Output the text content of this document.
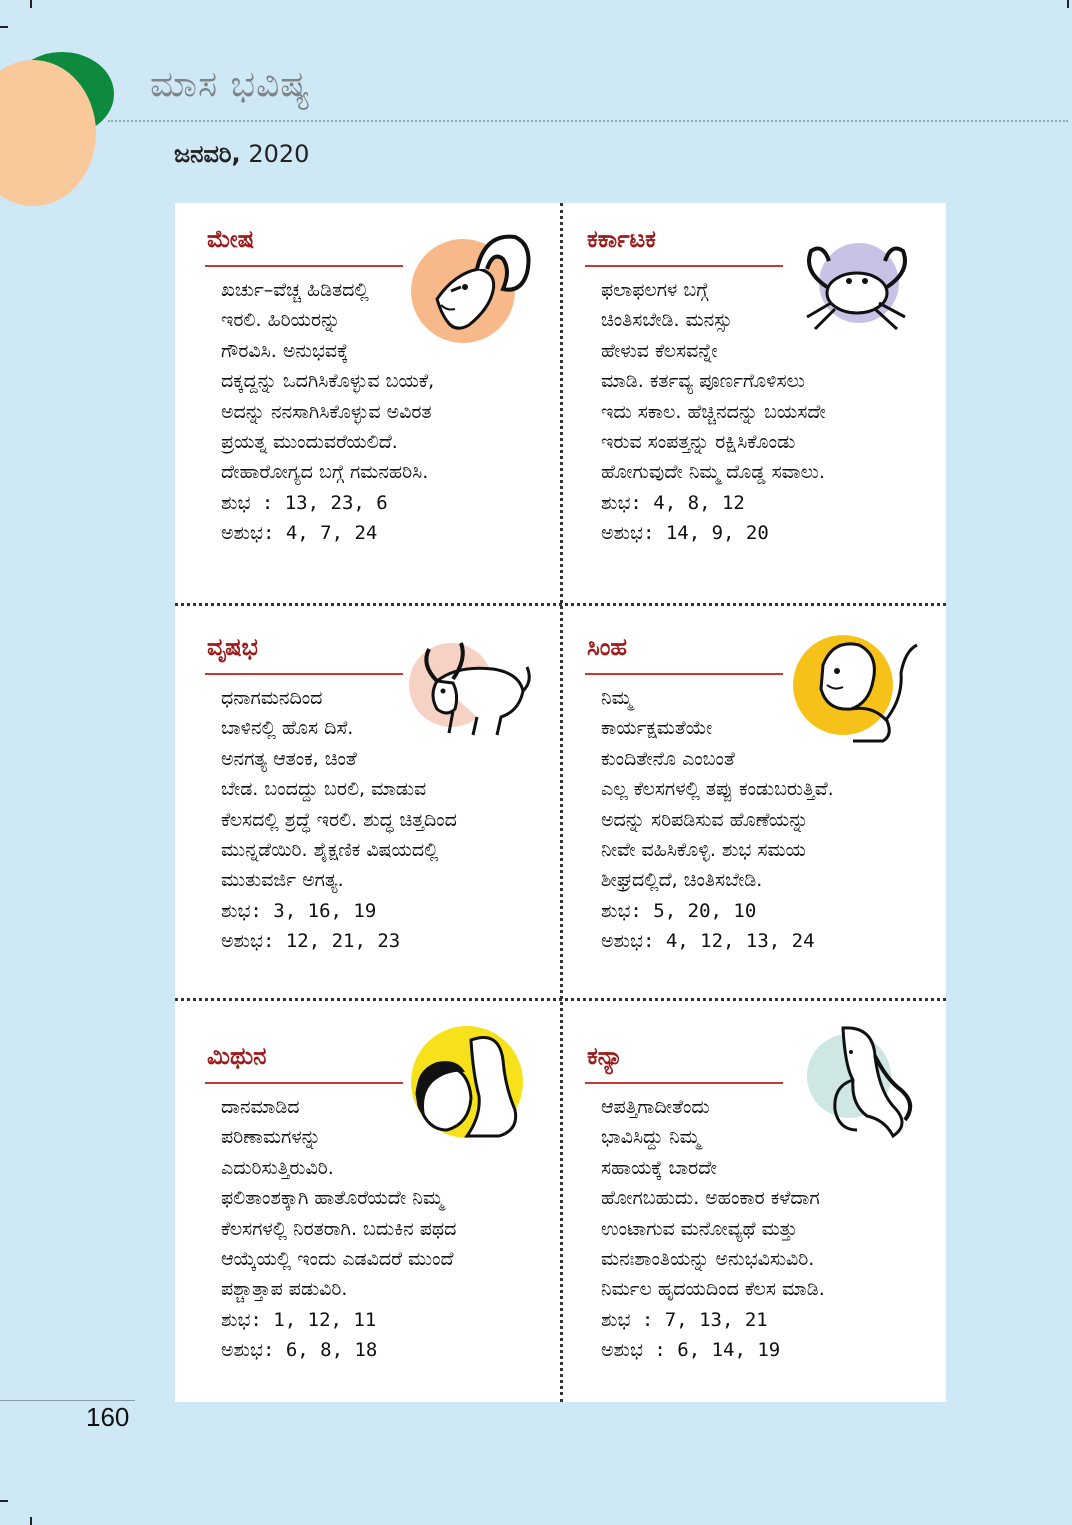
ಮಾಸ ಭವಿಷ್ಯ
ಜನವರಿ, 2020
ಮೇಷ

ಖರ್ಚು–ವೆಚ್ಚ ಹಿಡಿತದಲ್ಲಿ

ಇರಲಿ. ಹಿರಿಯರನ್ನು

ಗೌರವಿಸಿ. ಅನುಭವಕ್ಕೆ

ದಕ್ಕದ್ದನ್ನು ಒದಗಿಸಿಕೊಳ್ಳುವ ಬಯಕೆ,

ಅದನ್ನು ನನಸಾಗಿಸಿಕೊಳ್ಳುವ ಅವಿರತ

ಪ್ರಯತ್ನ ಮುಂದುವರೆಯಲಿದೆ.

ದೇಹಾರೋಗ್ಯದ ಬಗ್ಗೆ ಗಮನಹರಿಸಿ.

ಶುಭ : 13, 23, 6

ಅಶುಭ: 4, 7, 24

ಕರ್ಕಾಟಕ

ಫಲಾಫಲಗಳ ಬಗ್ಗೆ

ಚಿಂತಿಸಬೇಡಿ. ಮನಸ್ಸು

ಹೇಳುವ ಕೆಲಸವನ್ನೇ

ಮಾಡಿ. ಕರ್ತವ್ಯ ಪೂರ್ಣಗೊಳಿಸಲು

ಇದು ಸಕಾಲ. ಹೆಚ್ಚಿನದನ್ನು ಬಯಸದೇ

ಇರುವ ಸಂಪತ್ತನ್ನು ರಕ್ಷಿಸಿಕೊಂಡು

ಹೋಗುವುದೇ ನಿಮ್ಮ ದೊಡ್ಡ ಸವಾಲು.

ಶುಭ: 4, 8, 12

ಅಶುಭ: 14, 9, 20

ವೃಷಭ

ಧನಾಗಮನದಿಂದ

ಬಾಳಿನಲ್ಲಿ ಹೊಸ ದಿಸೆ.

ಅನಗತ್ಯ ಆತಂಕ, ಚಿಂತೆ

ಬೇಡ. ಬಂದದ್ದು ಬರಲಿ, ಮಾಡುವ

ಕೆಲಸದಲ್ಲಿ ಶ್ರದ್ಧೆ ಇರಲಿ. ಶುದ್ಧ ಚಿತ್ತದಿಂದ

ಮುನ್ನಡೆಯಿರಿ. ಶೈಕ್ಷಣಿಕ ವಿಷಯದಲ್ಲಿ

ಮುತುವರ್ಜಿ ಅಗತ್ಯ.

ಶುಭ: 3, 16, 19

ಅಶುಭ: 12, 21, 23

ಸಿಂಹ

ನಿಮ್ಮ

ಕಾರ್ಯಕ್ಷಮತೆಯೇ

ಕುಂದಿತೇನೊ ಎಂಬಂತೆ

ಎಲ್ಲ ಕೆಲಸಗಳಲ್ಲಿ ತಪ್ಪು ಕಂಡುಬರುತ್ತಿವೆ.

ಅದನ್ನು ಸರಿಪಡಿಸುವ ಹೊಣೆಯನ್ನು

ನೀವೇ ವಹಿಸಿಕೊಳ್ಳಿ. ಶುಭ ಸಮಯ

ಶೀಘ್ರದಲ್ಲಿದೆ, ಚಿಂತಿಸಬೇಡಿ.

ಶುಭ: 5, 20, 10

ಅಶುಭ: 4, 12, 13, 24

ಮಿಥುನ

ದಾನಮಾಡಿದ

ಪರಿಣಾಮಗಳನ್ನು

ಎದುರಿಸುತ್ತಿರುವಿರಿ.

ಫಲಿತಾಂಶಕ್ಕಾಗಿ ಹಾತೊರೆಯದೇ ನಿಮ್ಮ

ಕೆಲಸಗಳಲ್ಲಿ ನಿರತರಾಗಿ. ಬದುಕಿನ ಪಥದ

ಆಯ್ಕೆಯಲ್ಲಿ ಇಂದು ಎಡವಿದರೆ ಮುಂದೆ

ಪಶ್ಚಾತ್ತಾಪ ಪಡುವಿರಿ.

ಶುಭ: 1, 12, 11

ಅಶುಭ: 6, 8, 18

ಕನ್ಯಾ

ಆಪತ್ತಿಗಾದೀತೆಂದು

ಭಾವಿಸಿದ್ದು ನಿಮ್ಮ

ಸಹಾಯಕ್ಕೆ ಬಾರದೇ

ಹೋಗಬಹುದು. ಅಹಂಕಾರ ಕಳೆದಾಗ

ಉಂಟಾಗುವ ಮನೋವ್ಯಥೆ ಮತ್ತು

ಮನಃಶಾಂತಿಯನ್ನು ಅನುಭವಿಸುವಿರಿ.

ನಿರ್ಮಲ ಹೃದಯದಿಂದ ಕೆಲಸ ಮಾಡಿ.

ಶುಭ : 7, 13, 21

ಅಶುಭ : 6, 14, 19

160
